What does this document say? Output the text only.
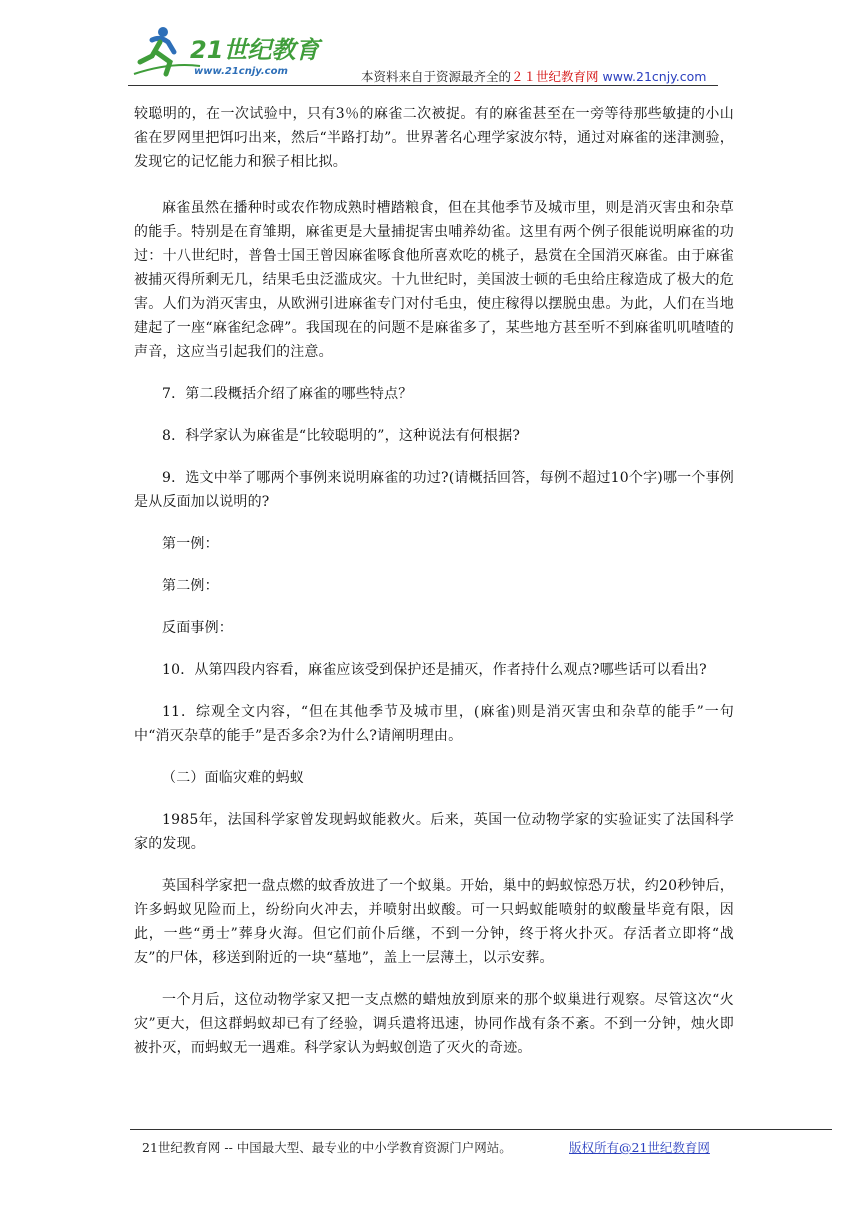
21世纪教育
www.21cnjy.com	本资料来自于资源最齐全的２１世纪教育网 www.21cnjy.com

较聪明的，在一次试验中，只有3％的麻雀二次被捉。有的麻雀甚至在一旁等待那些敏捷的小山雀在罗网里把饵叼出来，然后“半路打劫”。世界著名心理学家波尔特，通过对麻雀的迷津测验，发现它的记忆能力和猴子相比拟。

麻雀虽然在播种时或农作物成熟时槽踏粮食，但在其他季节及城市里，则是消灭害虫和杂草的能手。特别是在育雏期，麻雀更是大量捕捉害虫哺养幼雀。这里有两个例子很能说明麻雀的功过：十八世纪时，普鲁士国王曾因麻雀啄食他所喜欢吃的桃子，悬赏在全国消灭麻雀。由于麻雀被捕灭得所剩无几，结果毛虫泛滥成灾。十九世纪时，美国波士顿的毛虫给庄稼造成了极大的危害。人们为消灭害虫，从欧洲引进麻雀专门对付毛虫，使庄稼得以摆脱虫患。为此，人们在当地建起了一座“麻雀纪念碑”。我国现在的问题不是麻雀多了，某些地方甚至听不到麻雀叽叽喳喳的声音，这应当引起我们的注意。

7．第二段概括介绍了麻雀的哪些特点？

8．科学家认为麻雀是“比较聪明的”，这种说法有何根据?

9．选文中举了哪两个事例来说明麻雀的功过?(请概括回答，每例不超过10个字)哪一个事例是从反面加以说明的?

第一例：

第二例：

反面事例：

10．从第四段内容看，麻雀应该受到保护还是捕灭，作者持什么观点?哪些话可以看出?

11．综观全文内容，“但在其他季节及城市里，(麻雀)则是消灭害虫和杂草的能手”一句中“消灭杂草的能手”是否多余?为什么?请阐明理由。

（二）面临灾难的蚂蚁

1985年，法国科学家曾发现蚂蚁能救火。后来，英国一位动物学家的实验证实了法国科学家的发现。

英国科学家把一盘点燃的蚊香放进了一个蚁巢。开始，巢中的蚂蚁惊恐万状，约20秒钟后，许多蚂蚁见险而上，纷纷向火冲去，并喷射出蚁酸。可一只蚂蚁能喷射的蚁酸量毕竟有限，因此，一些“勇士”葬身火海。但它们前仆后继，不到一分钟，终于将火扑灭。存活者立即将“战友”的尸体，移送到附近的一块“墓地”，盖上一层薄土，以示安葬。

一个月后，这位动物学家又把一支点燃的蜡烛放到原来的那个蚁巢进行观察。尽管这次“火灾”更大，但这群蚂蚁却已有了经验，调兵遣将迅速，协同作战有条不紊。不到一分钟，烛火即被扑灭，而蚂蚁无一遇难。科学家认为蚂蚁创造了灭火的奇迹。

21世纪教育网 -- 中国最大型、最专业的中小学教育资源门户网站。	版权所有@21世纪教育网
